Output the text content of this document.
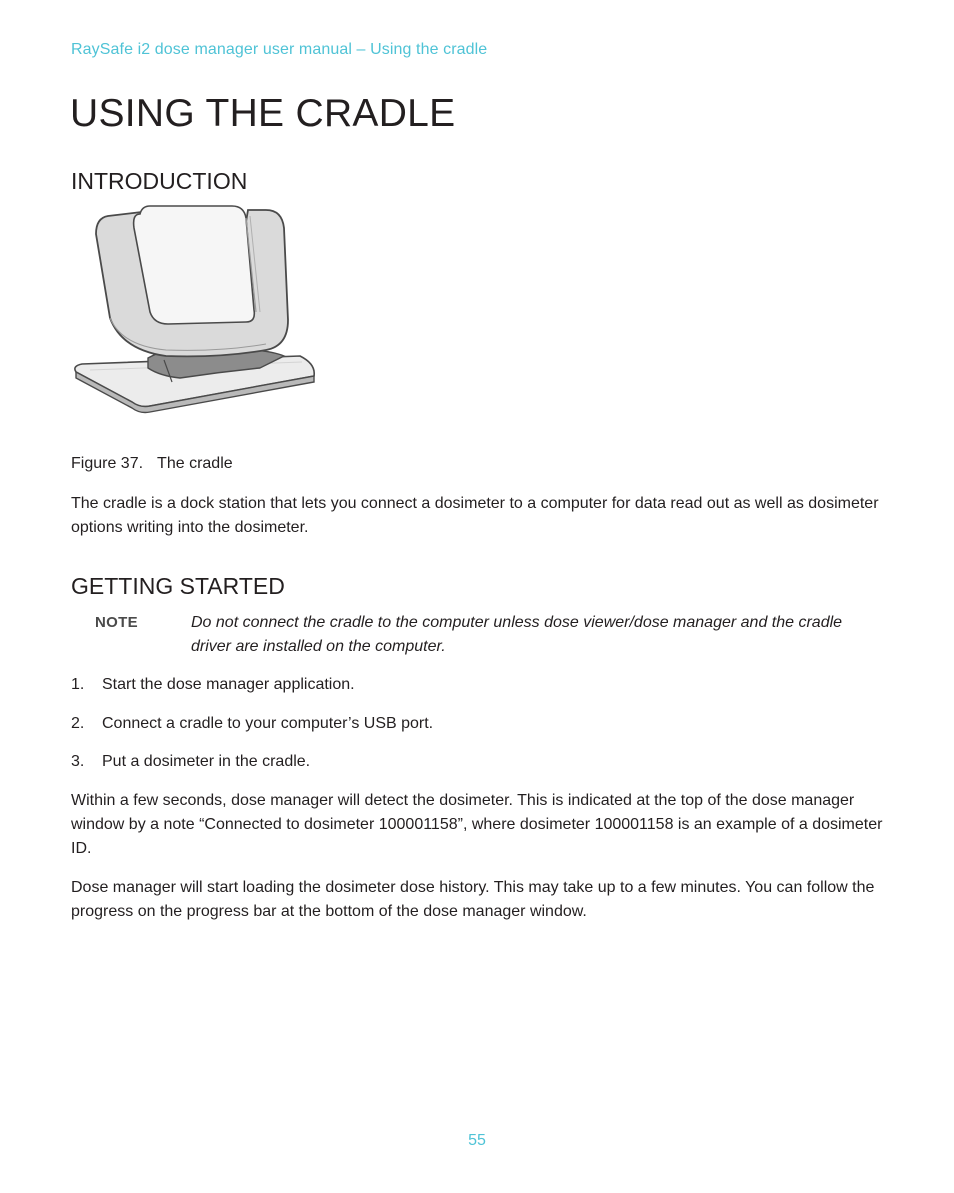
RaySafe i2 dose manager user manual – Using the cradle
USING THE CRADLE
INTRODUCTION
Figure 37. The cradle

The cradle is a dock station that lets you connect a dosimeter to a computer for data read out as well as dosimeter options writing into the dosimeter.

GETTING STARTED
NOTE	Do not connect the cradle to the computer unless dose viewer/dose manager and the cradle driver are installed on the computer.
1. Start the dose manager application.
2. Connect a cradle to your computer’s USB port.
3. Put a dosimeter in the cradle.

Within a few seconds, dose manager will detect the dosimeter. This is indicated at the top of the dose manager window by a note “Connected to dosimeter 100001158”, where dosimeter 100001158 is an example of a dosimeter ID.

Dose manager will start loading the dosimeter dose history. This may take up to a few minutes. You can follow the progress on the progress bar at the bottom of the dose manager window.

55
